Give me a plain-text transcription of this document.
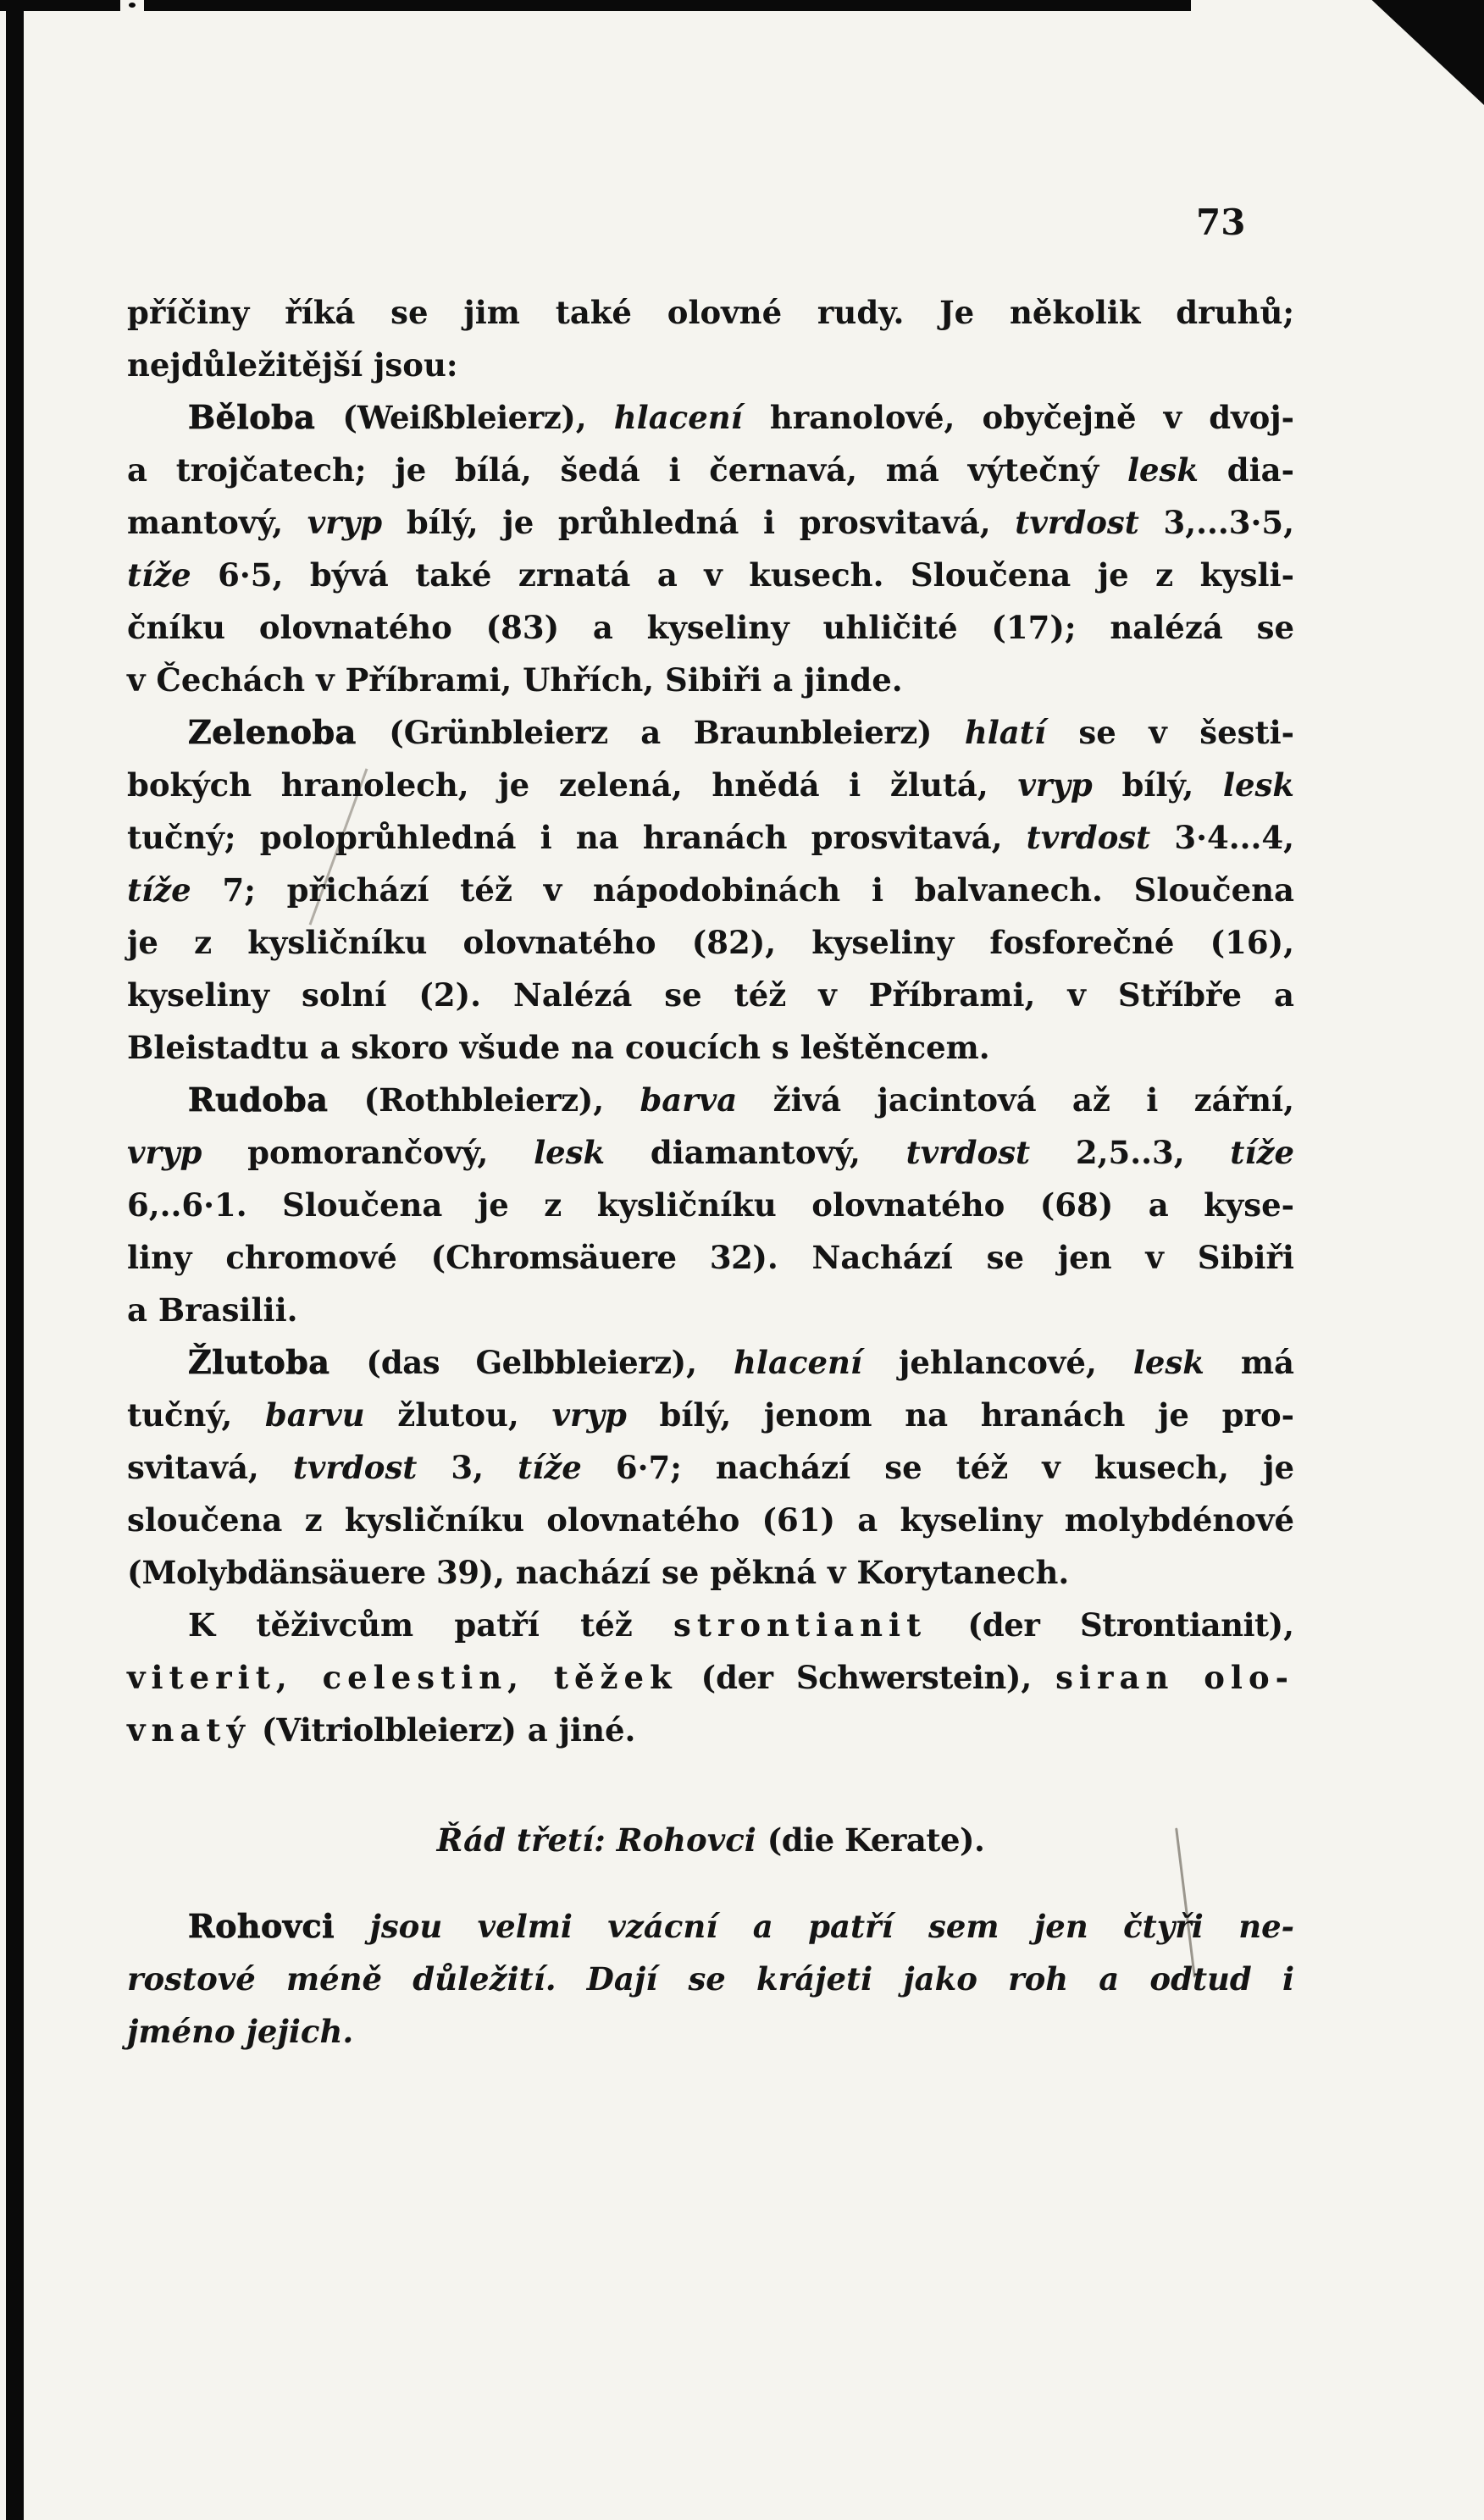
73
příčiny říká se jim také olovné rudy. Je několik druhů;
nejdůležitější jsou:
Běloba (Weißbleierz), hlacení hranolové, obyčejně v dvoj-
a trojčatech; je bílá, šedá i černavá, má výtečný lesk dia-
mantový, vryp bílý, je průhledná i prosvitavá, tvrdost 3,...3·5,
tíže 6·5, bývá také zrnatá a v kusech. Sloučena je z kysli-
čníku olovnatého (83) a kyseliny uhličité (17); nalézá se
v Čechách v Příbrami, Uhřích, Sibiři a jinde.
Zelenoba (Grünbleierz a Braunbleierz) hlatí se v šesti-
bokých hranolech, je zelená, hnědá i žlutá, vryp bílý, lesk
tučný; poloprůhledná i na hranách prosvitavá, tvrdost 3·4...4,
tíže 7; přichází též v nápodobinách i balvanech. Sloučena
je z kysličníku olovnatého (82), kyseliny fosforečné (16),
kyseliny solní (2). Nalézá se též v Příbrami, v Stříbře a
Bleistadtu a skoro všude na coucích s leštěncem.
Rudoba (Rothbleierz), barva živá jacintová až i zářní,
vryp pomorančový, lesk diamantový, tvrdost 2,5..3, tíže
6,..6·1. Sloučena je z kysličníku olovnatého (68) a kyse-
liny chromové (Chromsäuere 32). Nachází se jen v Sibiři
a Brasilii.
Žlutoba (das Gelbbleierz), hlacení jehlancové, lesk má
tučný, barvu žlutou, vryp bílý, jenom na hranách je pro-
svitavá, tvrdost 3, tíže 6·7; nachází se též v kusech, je
sloučena z kysličníku olovnatého (61) a kyseliny molybdénové
(Molybdänsäuere 39), nachází se pěkná v Korytanech.
K těživcům patří též strontianit (der Strontianit),
viterit, celestin, těžek (der Schwerstein), siran olo-
vnatý (Vitriolbleierz) a jiné.
Řád třetí: Rohovci (die Kerate).
Rohovci jsou velmi vzácní a patří sem jen čtyři ne-
rostové méně důležití. Dají se krájeti jako roh a odtud i
jméno jejich.
